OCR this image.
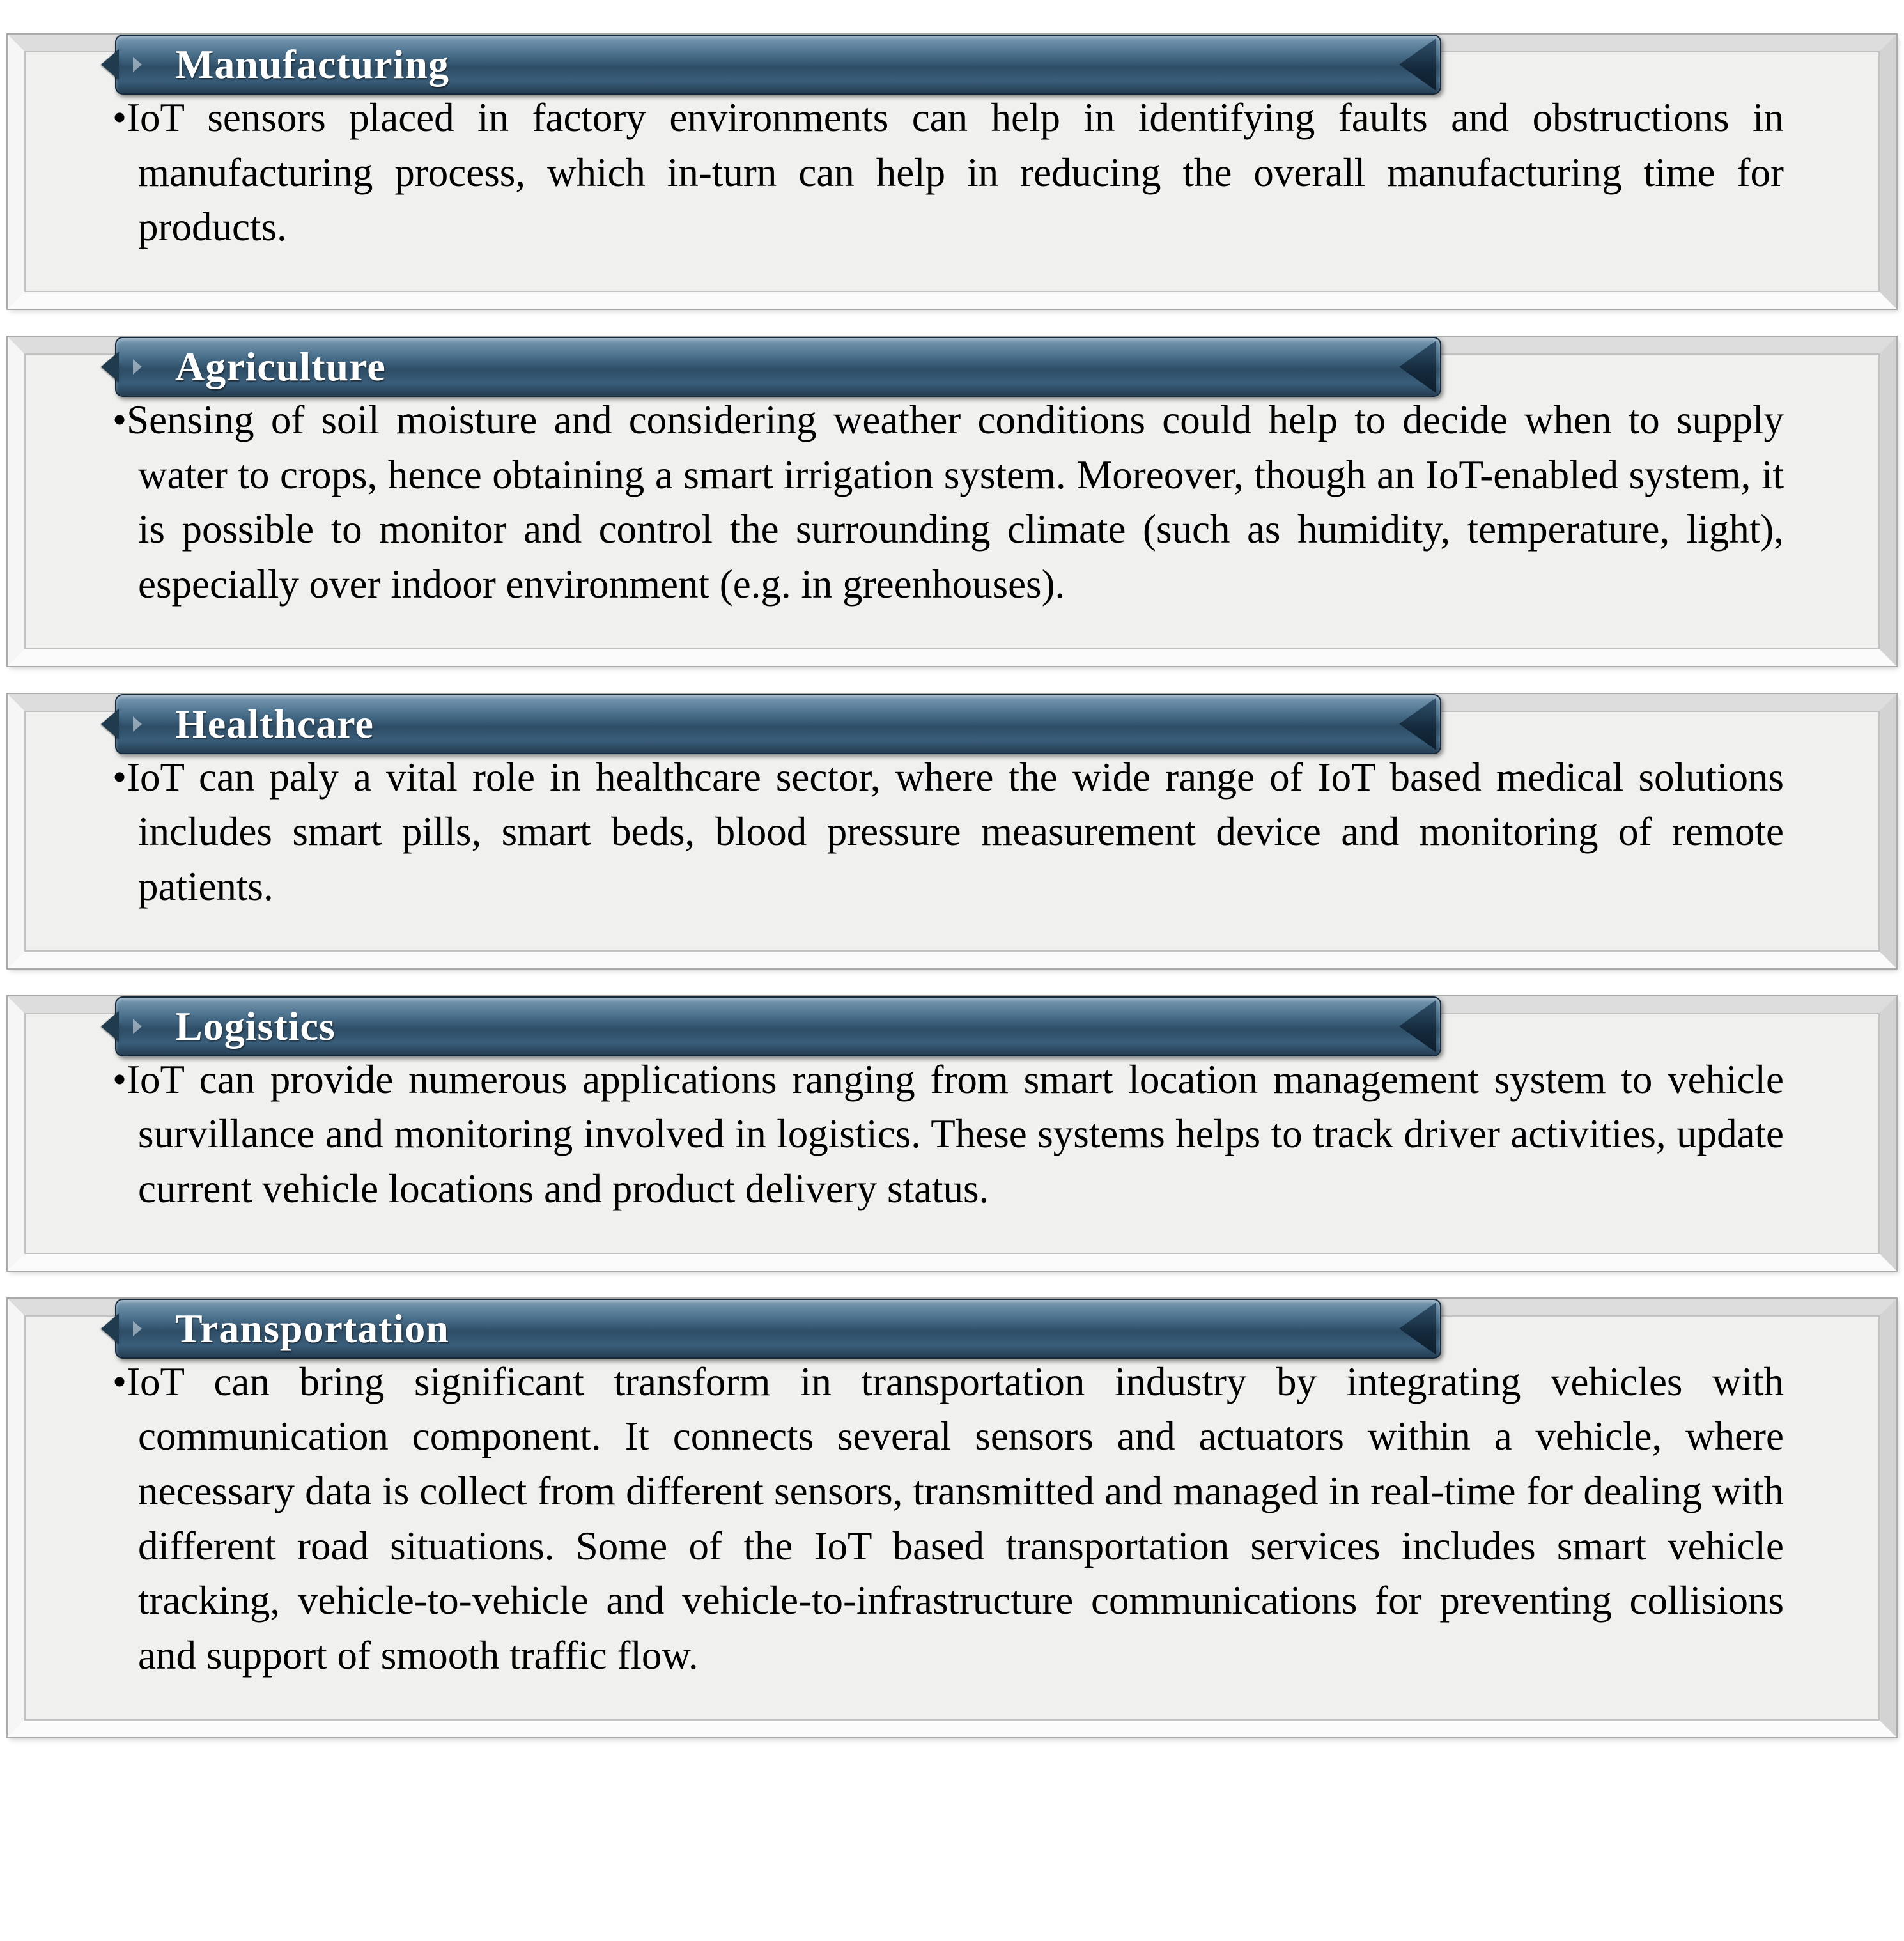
Manufacturing

•IoT sensors placed in factory environments can help in identifying faults and obstructions in manufacturing process, which in-turn can help in reducing the overall manufacturing time for products.

Agriculture

•Sensing of soil moisture and considering weather conditions could help to decide when to supply water to crops, hence obtaining a smart irrigation system. Moreover, though an IoT-enabled system, it is possible to monitor and control the surrounding climate (such as humidity, temperature, light), especially over indoor environment (e.g. in greenhouses).

Healthcare

•IoT can paly a vital role in healthcare sector, where the wide range of IoT based medical solutions includes smart pills, smart beds, blood pressure measurement device and monitoring of remote patients.

Logistics

•IoT can provide numerous applications ranging from smart location management system to vehicle survillance and monitoring involved in logistics. These systems helps to track driver activities, update current vehicle locations and product delivery status.

Transportation

•IoT can bring significant transform in transportation industry by integrating vehicles with communication component. It connects several sensors and actuators within a vehicle, where necessary data is collect from different sensors, transmitted and managed in real-time for dealing with different road situations. Some of the IoT based transportation services includes smart vehicle tracking, vehicle-to-vehicle and vehicle-to-infrastructure communications for preventing collisions and support of smooth traffic flow.
